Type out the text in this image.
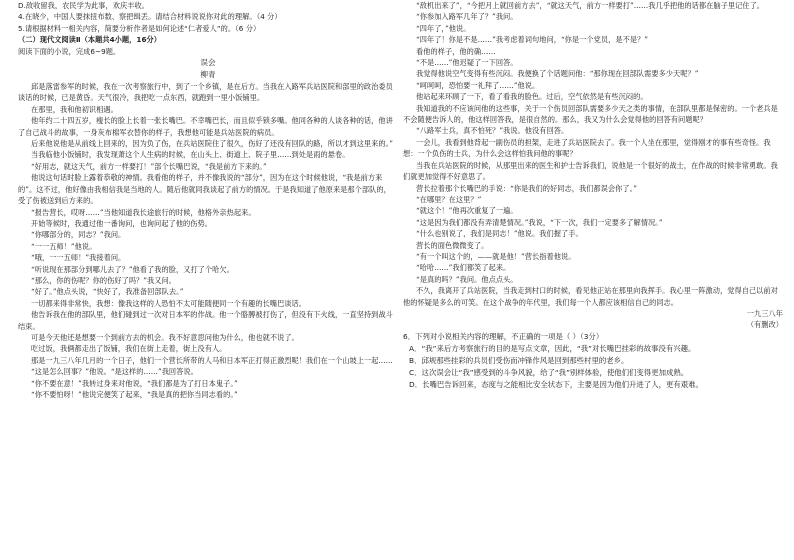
D.敌收留我，农民学为此事，欢庆丰收。
4.在晓少，中国人要抹扭布数、察把缉丢。请结合材料说说你对此的理解。（4 分）
5.请根据材料一相关内容，简要分析作者是如何论述“仁者爱人”的。（6 分）
（二）现代文阅读Ⅱ（本题共4小题，16分）
阅读下面的小说，完成6~9题。
误会
柳青
邱是落雷参军的时候，我在一次考察旅行中，到了一个乡镇，是在后方。当我在入路军兵站医院和部里的政治委员谈话的时候，已是黄昏。天气很冷，我把吃一点东西，就跑到一里小饭铺里。
在那里，我和他初识相遇。
他年约二十四五岁，瘦长的脸上长着一张长嘴巴。不幸嘴巴长，而且似乎锁多嘴。他同各种的人谈各种的话，他讲了自己战斗的故事，一身灰布棉军衣替你的样子，我想他可能是兵站医院的病员。
后来他说他是从前线上回来的，因为负了伤，在兵站医院住了很久，伤好了还没有回队的路，所以才到这里来的。”
当我临他小饭铺时，我发现萧这个人生病的时候，在山头上、街道上、院子里……到处是雨的悬卷。
“好用志，就这天气，前方一样要打！”部个长嘴巴说，“我是前方下来的。”
他说这句话时脸上露着恭敬的神情。我看他的样子，并不像我说的“部分”，因为在这个时候他说，“我是前方来的”。这不过，他好像由我相信我是当地的人。随后他就同我谈起了前方的情况。于是我知道了他原来是那个部队的，受了伤被送到后方来的。
“报告营长，哎呀……”当他知道我长途旅行的时候，他格外亲热起来。
开始等候时，我通过他一番询问，也询问起了他的伤势。
“你哪部分的，同志？”我问。
“一一五师！”他说。
“哦，一一五师！”我接着问。
“听说现在那部分到哪儿去了？”他看了我的脸，又打了个哈欠。
“那么，你的伤呢？你的伤好了吗？”我又问。
“好了。”他点头说，“快好了，我准备回部队去。”
一切都来得非常快，我想：像我这样的人恐怕不太可能随便同一个有趣的长嘴巴谈话。
他告诉我在他的部队里，他们碰到过一次对日本军的作战。他一个胳膊被打伤了，但没有下火线，一直坚持到战斗结束。
可是今天他还是想要一个到前方去的机会。我不好意思问他为什么，他也就不说了。
吃过饭，我俩都走出了饭铺，我们在街上走着，街上没有人。
那是一九三八年几月的一个日子，他们一个营长所带的人马和日本军正打得正激烈呢！我们在一个山坡上一起……
“这是怎么回事？”他说。“是这样的……”我回答说。
“你不要在意！”我转过身来对他说，“我们都是为了打日本鬼子。”
“你不要怕呀！”他说完便笑了起来，“我是真的把你当同志看的。”
“敌机出来了”，“今把月上就回前方去”，“就这天气，前方一样要打”……我几乎把他的话都在脑子里记住了。
“你参加入路军几年了？”我问。
“四年了，”他说。
“四年了！你是不是……”我考虑着词句地问，“你是一个党员，是不是？”
看他的样子，他的确……
“不是……”他迟疑了一下回答。
我觉得他说空气变得有些沉闷。我便换了个话题问他：“那你现在回部队需要多少天呢？”
“呵呵呵，恐怕要一礼拜了……”他说。
他站起来环顾了一下，看了看我的脸色。过后，空气依然是有些沉闷的。
我知道我的不应该问他的这些事，关于一个伤员回部队需要多少天之类的事情，在部队里都是保密的。一个老兵是不会随便告诉人的，他这样回答我，是很自然的。那么，我又为什么会觉得他的回答有问题呢？
“八路军士兵，真不怕死？”我说。他没有回答。
一会儿，我看到他背起一副伤员的担架，走进了兵站医院去了。我一个人坐在那里，觉得刚才的事有些奇怪。我想：一个负伤的士兵，为什么会这样怕我问他的事呢？
当我在兵站医院的时候，从那里出来的医生和护士告诉我们，说他是一个很好的战士，在作战的时候非常勇敢。我们就更加觉得不好意思了。
营长拉着那个长嘴巴的手说：“你是我们的好同志，我们都误会你了。”
“在哪里？在这里？”
“就这个！”他再次重复了一遍。
“这是因为我们都没有弄清楚情况。”我说，“下一次，我们一定要多了解情况。”
“什么也别说了，我们是同志！”他说。我们握了手。
营长的面色微微变了。
“有一个叫这个的，——就是他！”营长指着他说。
“哈哈……”我们都笑了起来。
“是真的吗？”我问。他点点头。
不久，我离开了兵站医院，当我走到村口的时候，看见他正站在那里向我挥手。我心里一阵激动，觉得自己以前对他的怀疑是多么的可笑。在这个战争的年代里，我们每一个人都应该相信自己的同志。
一九三八年
（有删改）
6．下列对小说相关内容的理解，不正确的一项是（ ）（3分）
A．“我”来后方考察旅行的目的是写点文章，因此，“我”对长嘴巴挂彩的故事没有兴趣。
B．邱规那些挂彩的兵员们受伤而冲锋作风是回到那些村里的老乡。
C．这次误会让“我”感受到的斗争风貌，给了“我”别样体验，使他们们变得更加成熟。
D．长嘴巴告诉回来，态度与之能相比安全状态下，主要是因为他们升进了人，更有艰难。
